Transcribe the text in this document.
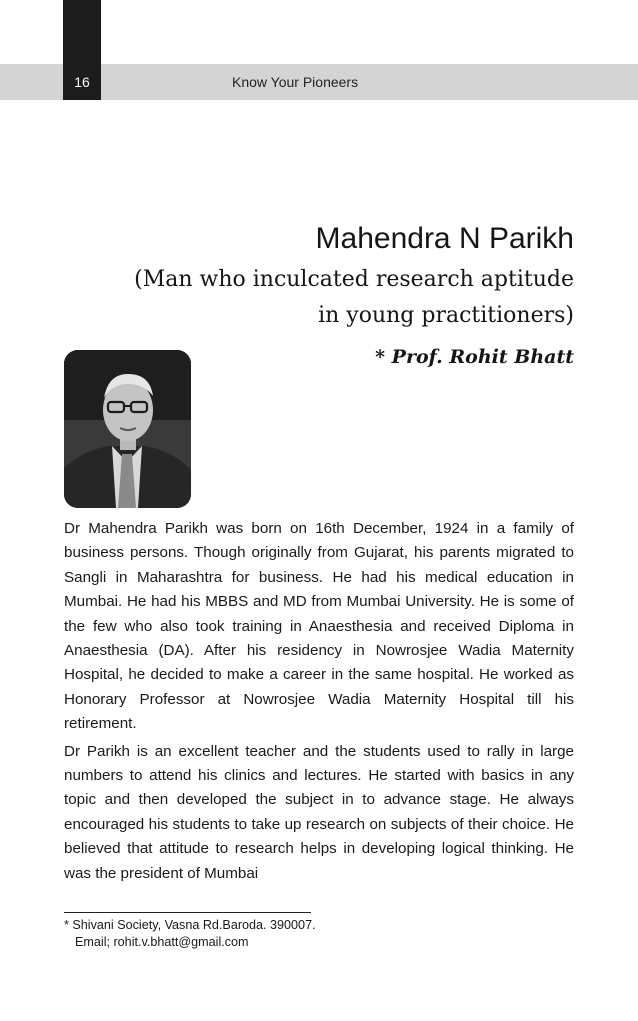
16	Know Your Pioneers
Mahendra N Parikh
(Man who inculcated research aptitude
in young practitioners)
* Prof. Rohit Bhatt

Dr Mahendra Parikh was born on 16th December, 1924 in a family of business persons. Though originally from Gujarat, his parents migrated to Sangli in Maharashtra for business. He had his medical education in Mumbai. He had his MBBS and MD from Mumbai University. He is some of the few who also took training in Anaesthesia and received Diploma in Anaesthesia (DA). After his residency in Nowrosjee Wadia Maternity Hospital, he decided to make a career in the same hospital. He worked as Honorary Professor at Nowrosjee Wadia Maternity Hospital till his retirement.

Dr Parikh is an excellent teacher and the students used to rally in large numbers to attend his clinics and lectures. He started with basics in any topic and then developed the subject in to advance stage. He always encouraged his students to take up research on subjects of their choice. He believed that attitude to research helps in developing logical thinking. He was the president of Mumbai

* Shivani Society, Vasna Rd.Baroda. 390007.
Email; rohit.v.bhatt@gmail.com
